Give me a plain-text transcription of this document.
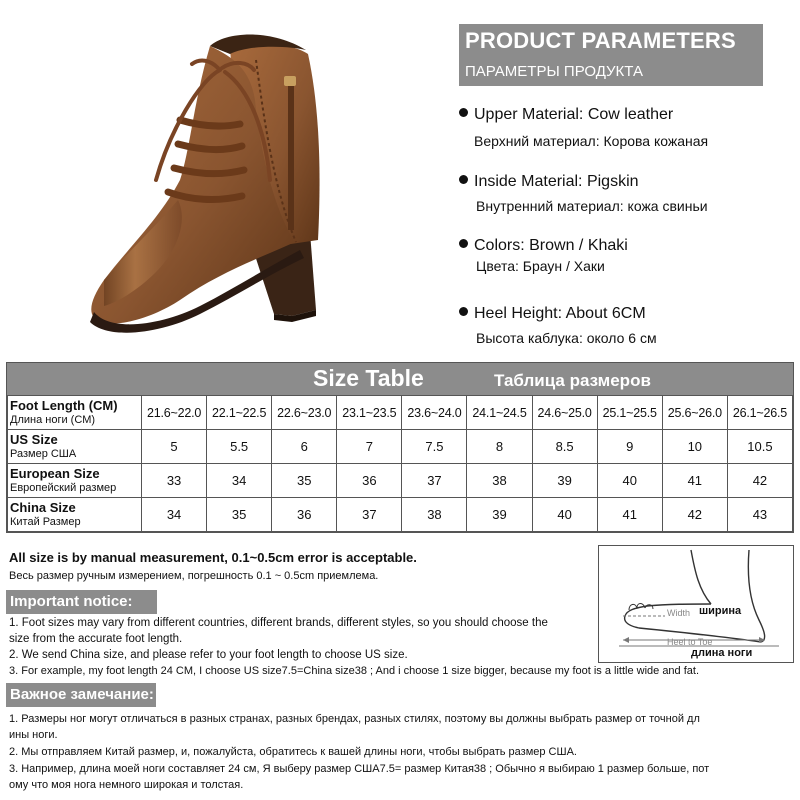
PRODUCT PARAMETERS
ПАРАМЕТРЫ ПРОДУКТА
Upper Material: Cow leather
Верхний материал: Корова кожаная
Inside Material: Pigskin
Внутренний материал: кожа свиньи
Colors: Brown / Khaki
Цвета: Браун / Хаки
Heel Height: About 6CM
Высота каблука: около 6 см
Size Table	Таблица размеров
Foot Length (CM)
Длина ноги (CM)	21.6~22.0	22.1~22.5	22.6~23.0	23.1~23.5	23.6~24.0	24.1~24.5	24.6~25.0	25.1~25.5	25.6~26.0	26.1~26.5

US Size
Размер США	5	5.5	6	7	7.5	8	8.5	9	10	10.5

European Size
Европейский размер	33	34	35	36	37	38	39	40	41	42

China Size
Китай Размер	34	35	36	37	38	39	40	41	42	43
All size is by manual measurement, 0.1~0.5cm error is acceptable.
Весь размер ручным измерением, погрешность 0.1 ~ 0.5cm приемлема.
Width ширина
Heel to Toe
длина ноги
Important notice:
1. Foot sizes may vary from different countries, different brands, different styles, so you should choose the
size from the accurate foot length.
2. We send China size, and please refer to your foot length to choose US size.
3. For example, my foot length 24 CM, I choose US size7.5=China size38 ; And i choose 1 size bigger, because my foot is a little wide and fat.
Важное замечание:
1. Размеры ног могут отличаться в разных странах, разных брендах, разных стилях, поэтому вы должны выбрать размер от точной дл
ины ноги.
2. Мы отправляем Китай размер, и, пожалуйста, обратитесь к вашей длины ноги, чтобы выбрать размер США.
3. Например, длина моей ноги составляет 24 см, Я выберу размер США7.5= размер Китая38 ; Обычно я выбираю 1 размер больше, пот
ому что моя нога немного широкая и толстая.
